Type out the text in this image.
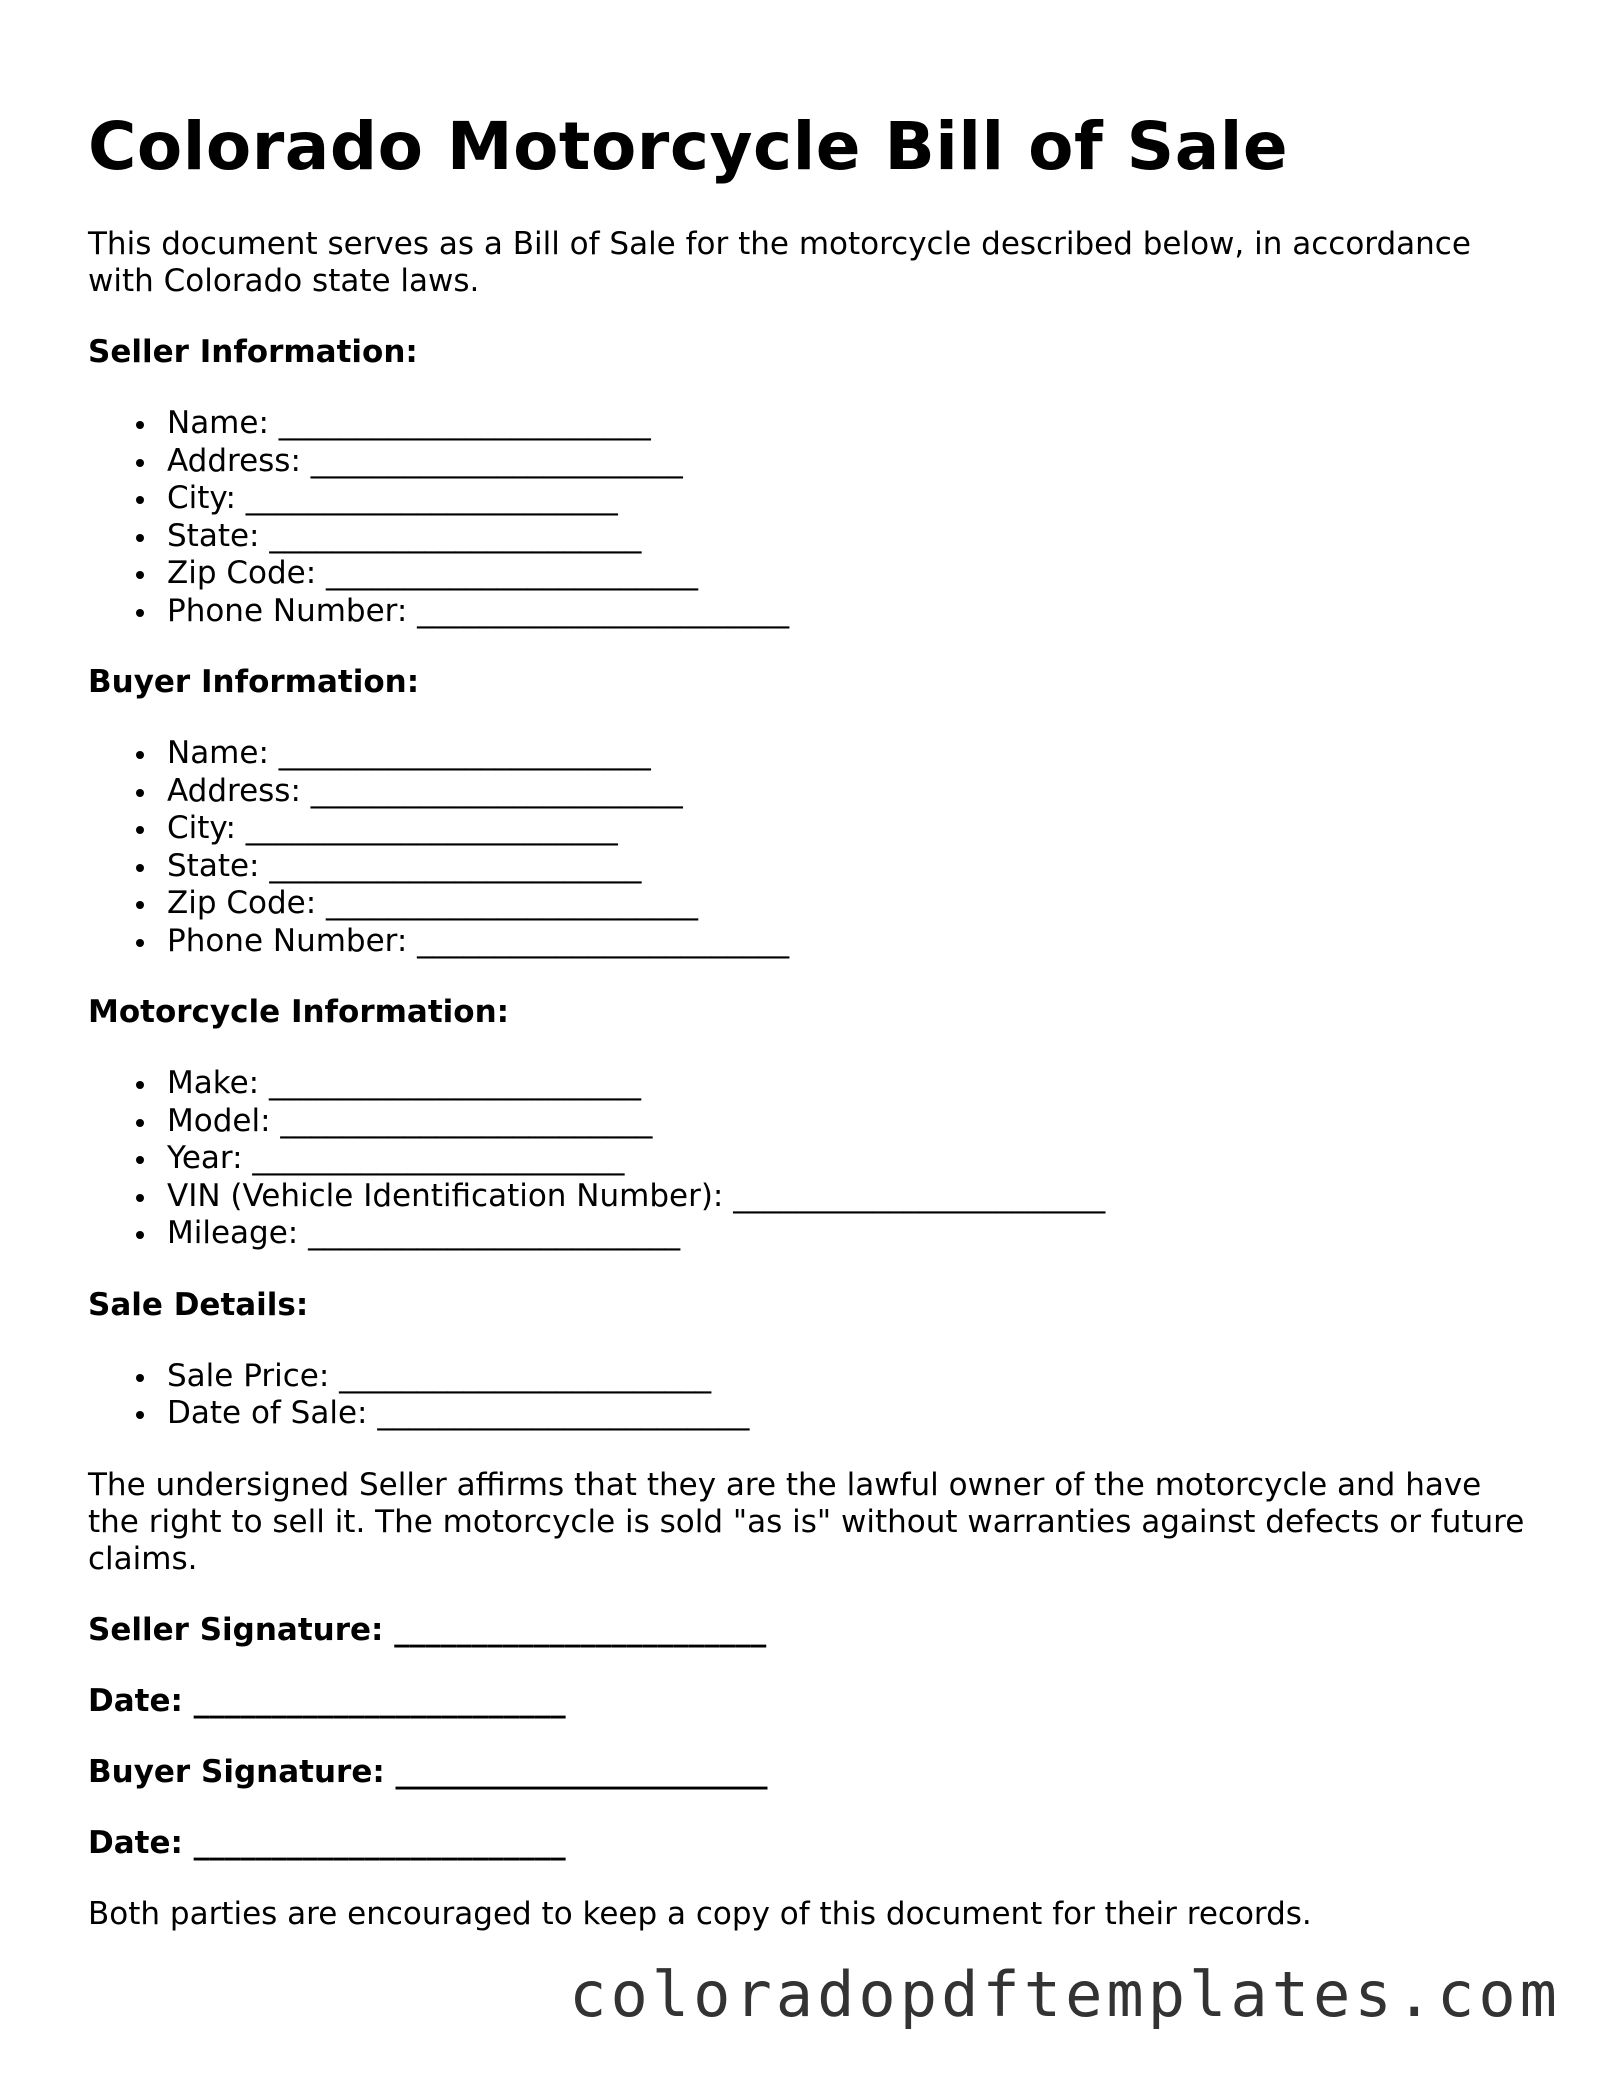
Colorado Motorcycle Bill of Sale

This document serves as a Bill of Sale for the motorcycle described below, in accordance with Colorado state laws.

Seller Information:
Name: ________________________
Address: ________________________
City: ________________________
State: ________________________
Zip Code: ________________________
Phone Number: ________________________
Buyer Information:
Name: ________________________
Address: ________________________
City: ________________________
State: ________________________
Zip Code: ________________________
Phone Number: ________________________
Motorcycle Information:
Make: ________________________
Model: ________________________
Year: ________________________
VIN (Vehicle Identification Number): ________________________
Mileage: ________________________
Sale Details:
Sale Price: ________________________
Date of Sale: ________________________

The undersigned Seller affirms that they are the lawful owner of the motorcycle and have the right to sell it. The motorcycle is sold "as is" without warranties against defects or future claims.

Seller Signature: ________________________
Date: ________________________
Buyer Signature: ________________________
Date: ________________________

Both parties are encouraged to keep a copy of this document for their records.

coloradopdftemplates.com
